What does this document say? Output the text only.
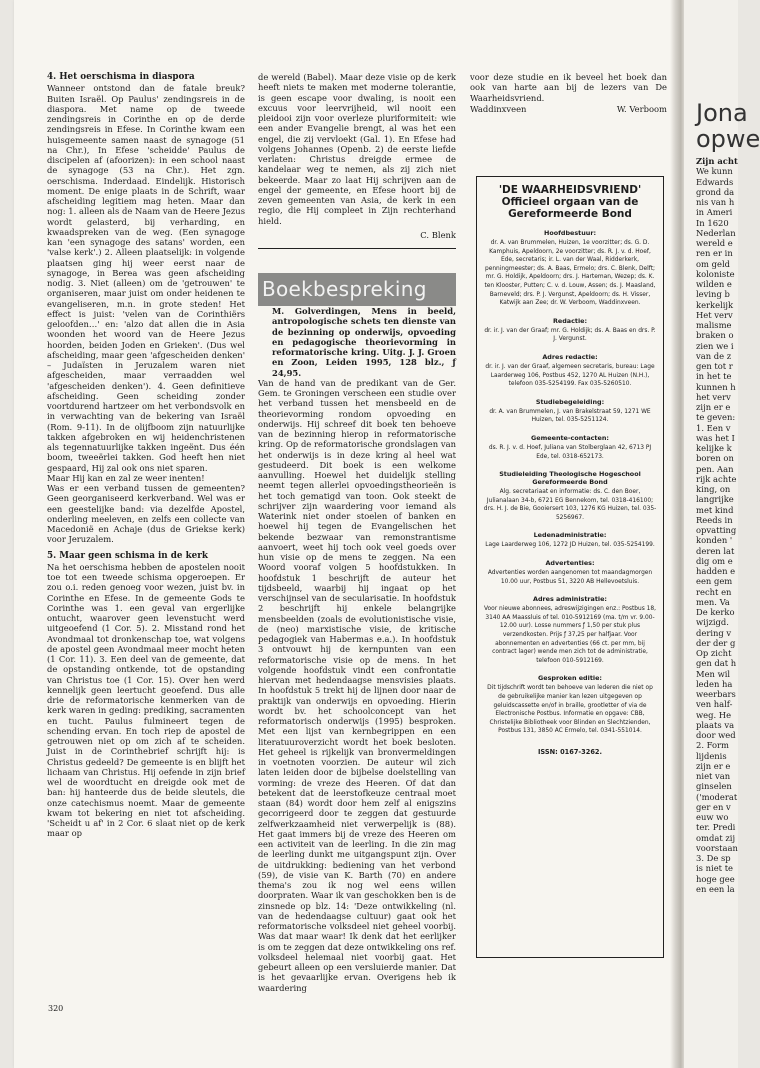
4. Het oerschisma in diaspora

Wanneer ontstond dan de fatale breuk? Buiten Israël. Op Paulus' zendingsreis in de diaspora. Met name op de tweede zendingsreis in Corinthe en op de derde zendingsreis in Efese. In Corinthe kwam een huisgemeente samen naast de synagoge (51 na Chr.), In Efese 'scheidde' Paulus de discipelen af (afoorizen): in een school naast de synagoge (53 na Chr.). Het zgn. oerschisma. Inderdaad. Eindelijk. Historisch moment. De enige plaats in de Schrift, waar afscheiding legitiem mag heten. Maar dan nog: 1. alleen als de Naam van de Heere Jezus wordt gelasterd, bij verharding, en kwaadspreken van de weg. (Een synagoge kan 'een synagoge des satans' worden, een 'valse kerk'.) 2. Alleen plaatselijk: in volgende plaatsen ging hij weer eerst naar de synagoge, in Berea was geen afscheiding nodig. 3. Niet (alleen) om de 'getrouwen' te organiseren, maar juist om onder heidenen te evangeliseren, m.n. in grote steden! Het effect is juist: 'velen van de Corinthiërs geloofden…' en: 'alzo dat allen die in Asia woonden het woord van de Heere Jezus hoorden, beiden Joden en Grieken'. (Dus wel afscheiding, maar geen 'afgescheiden denken' – Judaïsten in Jeruzalem waren niet afgescheiden, maar verraadden wel 'afgescheiden denken'). 4. Geen definitieve afscheiding. Geen scheiding zonder voortdurend hartzeer om het verbondsvolk en in verwachting van de bekering van Israël (Rom. 9-11). In de olijfboom zijn natuurlijke takken afgebroken en wij heidenchristenen als tegennatuurlijke takken ingeënt. Dus één boom, tweeërlei takken. God heeft hen niet gespaard, Hij zal ook ons niet sparen.

Maar Hij kan en zal ze weer inenten!

Was er een verband tussen de gemeenten? Geen georganiseerd kerkverband. Wel was er een geestelijke band: via dezelfde Apostel, onderling meeleven, en zelfs een collecte van Macedonië en Achaje (dus de Griekse kerk) voor Jeruzalem.

5. Maar geen schisma in de kerk

Na het oerschisma hebben de apostelen nooit toe tot een tweede schisma opgeroepen. Er zou o.i. reden genoeg voor wezen, juist bv. in Corinthe en Efese. In de gemeente Gods te Corinthe was 1. een geval van ergerlijke ontucht, waarover geen levenstucht werd uitgeoefend (1 Cor. 5). 2. Misstand rond het Avondmaal tot dronkenschap toe, wat volgens de apostel geen Avondmaal meer mocht heten (1 Cor. 11). 3. Een deel van de gemeente, dat de opstanding ontkende, tot de opstanding van Christus toe (1 Cor. 15). Over hen werd kennelijk geen leertucht geoefend. Dus alle drie de reformatorische kenmerken van de kerk waren in geding: prediking, sacramenten en tucht. Paulus fulmineert tegen de schending ervan. En toch riep de apostel de getrouwen niet op om zich af te scheiden. Juist in de Corinthebrief schrijft hij: is Christus gedeeld? De gemeente is en blijft het lichaam van Christus. Hij oefende in zijn brief wel de woordtucht en dreigde ook met de ban: hij hanteerde dus de beide sleutels, die onze catechismus noemt. Maar de gemeente kwam tot bekering en niet tot afscheiding. 'Scheidt u af' in 2 Cor. 6 slaat niet op de kerk maar op

de wereld (Babel). Maar deze visie op de kerk heeft niets te maken met moderne tolerantie, is geen escape voor dwaling, is nooit een excuus voor leervrijheid, wil nooit een pleidooi zijn voor overleze pluriformiteit: wie een ander Evangelie brengt, al was het een engel, die zij vervloekt (Gal. 1). En Efese had volgens Johannes (Openb. 2) de eerste liefde verlaten: Christus dreigde ermee de kandelaar weg te nemen, als zij zich niet bekeerde. Maar zo laat Hij schrijven aan de engel der gemeente, en Efese hoort bij de zeven gemeenten van Asia, de kerk in een regio, die Hij compleet in Zijn rechterhand hield.

C. Blenk
Boekbespreking

M. Golverdingen, Mens in beeld, antropologische schets ten dienste van de bezinning op onderwijs, opvoeding en pedagogische theorievorming in reformatorische kring. Uitg. J. J. Groen en Zoon, Leiden 1995, 128 blz., ƒ 24,95.

Van de hand van de predikant van de Ger. Gem. te Groningen verscheen een studie over het verband tussen het mensbeeld en de theorievorming rondom opvoeding en onderwijs. Hij schreef dit boek ten behoeve van de bezinning hierop in reformatorische kring. Op de reformatorische grondslagen van het onderwijs is in deze kring al heel wat gestudeerd. Dit boek is een welkome aanvulling. Hoewel het duidelijk stelling neemt tegen allerlei opvoedingstheorieën is het toch gematigd van toon. Ook steekt de schrijver zijn waardering voor iemand als Waterink niet onder stoelen of banken en hoewel hij tegen de Evangelischen het bekende bezwaar van remonstrantisme aanvoert, weet hij toch ook veel goeds over hun visie op de mens te zeggen. Na een Woord vooraf volgen 5 hoofdstukken. In hoofdstuk 1 beschrijft de auteur het tijdsbeeld, waarbij hij ingaat op het verschijnsel van de secularisatie. In hoofdstuk 2 beschrijft hij enkele belangrijke mensbeelden (zoals de evolutionistische visie, de (neo) marxistische visie, de kritische pedagogiek van Habermas e.a.). In hoofdstuk 3 ontvouwt hij de kernpunten van een reformatorische visie op de mens. In het volgende hoofdstuk vindt een confrontatie hiervan met hedendaagse mensvisies plaats. In hoofdstuk 5 trekt hij de lijnen door naar de praktijk van onderwijs en opvoeding. Hierin wordt bv. het schoolconcept van het reformatorisch onderwijs (1995) besproken. Met een lijst van kernbegrippen en een literatuuroverzicht wordt het boek besloten. Het geheel is rijkelijk van bronvermeldingen in voetnoten voorzien. De auteur wil zich laten leiden door de bijbelse doelstelling van vorming: de vreze des Heeren. Of dat dan betekent dat de leerstofkeuze centraal moet staan (84) wordt door hem zelf al enigszins gecorrigeerd door te zeggen dat gestuurde zelfwerkzaamheid niet verwerpelijk is (88). Het gaat immers bij de vreze des Heeren om een activiteit van de leerling. In die zin mag de leerling dunkt me uitgangspunt zijn. Over de uitdrukking: bediening van het verbond (59), de visie van K. Barth (70) en andere thema's zou ik nog wel eens willen doorpraten. Waar ik van geschokken ben is de zinsnede op blz. 14: 'Deze ontwikkeling (nl. van de hedendaagse cultuur) gaat ook het reformatorische volksdeel niet geheel voorbij. Was dat maar waar! Ik denk dat het eerlijker is om te zeggen dat deze ontwikkeling ons ref. volksdeel helemaal niet voorbij gaat. Het gebeurt alleen op een versluierde manier. Dat is het gevaarlijke ervan. Overigens heb ik waardering

voor deze studie en ik beveel het boek dan ook van harte aan bij de lezers van De Waarheidsvriend.

Waddinxveen	W. Verboom
'DE WAARHEIDSVRIEND'
Officieel orgaan van de Gereformeerde Bond
Hoofdbestuur:
dr. A. van Brummelen, Huizen, 1e voorzitter; ds. G. D. Kamphuis, Apeldoorn, 2e voorzitter; ds. R. J. v. d. Hoef, Ede, secretaris; ir. L. van der Waal, Ridderkerk, penningmeester; ds. A. Baas, Ermelo; drs. C. Blenk, Delft; mr. G. Holdijk, Apeldoorn; drs. J. Harteman, Wezep; ds. K. ten Klooster, Putten; C. v. d. Louw, Assen; ds. J. Maasland, Barneveld; drs. P. J. Vergunst, Apeldoorn; ds. H. Visser, Katwijk aan Zee; dr. W. Verboom, Waddinxveen.
Redactie:
dr. ir. J. van der Graaf; mr. G. Holdijk; ds. A. Baas en drs. P. J. Vergunst.
Adres redactie:
dr. ir. J. van der Graaf, algemeen secretaris, bureau: Lage Laarderweg 106, Postbus 452, 1270 AL Huizen (N.H.), telefoon 035-5254199. Fax 035-5260510.
Studiebegeleiding:
dr. A. van Brummelen, J. van Brakelstraat 59, 1271 WE Huizen, tel. 035-5251124.
Gemeente-contacten:
ds. R. J. v. d. Hoef, Juliana van Stolberglaan 42, 6713 PJ Ede, tel. 0318-652173.
Studieleiding Theologische Hogeschool Gereformeerde Bond
Alg. secretariaat en informatie: ds. C. den Boer, Julianalaan 34-b, 6721 EG Bennekom, tel. 0318-416100; drs. H. J. de Bie, Gooiersert 103, 1276 KG Huizen, tel. 035-5256967.
Ledenadministratie:
Lage Laarderweg 106, 1272 JD Huizen, tel. 035-5254199.
Advertenties:
Advertenties worden aangenomen tot maandagmorgen 10.00 uur, Postbus 51, 3220 AB Hellevoetsluis.
Adres administratie:
Voor nieuwe abonnees, adreswijzigingen enz.: Postbus 18, 3140 AA Maassluis of tel. 010-5912169 (ma. t/m vr. 9.00-12.00 uur). Losse nummers ƒ 1,50 per stuk plus verzendkosten. Prijs ƒ 37,25 per halfjaar. Voor abonnementen en advertenties (66 ct. per mm, bij contract lager) wende men zich tot de administratie, telefoon 010-5912169.
Gesproken editie:
Dit tijdschrift wordt ten behoeve van lederen die niet op de gebruikelijke manier kan lezen uitgegeven op geluidscassette en/of in braille, grootletter of via de Electronische Postbus. Informatie en opgave: CBB, Christelijke Bibliotheek voor Blinden en Slechtzienden, Postbus 131, 3850 AC Ermelo, tel. 0341-551014.
ISSN: 0167-3262.
320
Jona
opwe
Zijn acht
We kunn
Edwards
grond da
nis van h
in Ameri
In 1620
Nederlan
wereld e
ren er in
om geld
koloniste
wilden e
leving b
kerkelijk
Het verv
malisme
braken o
zien we i
van de z
gen tot r
in het te
kunnen h
het verv
zijn er e
te geven:
1. Een v
was het I
kelijke k
boren on
pen. Aan
rijk achte
king, on
langrijke
met kind
Reeds in
opvatting
konden '
deren lat
dig om e
hadden e
een gem
recht en
men. Va
De kerko
wijzigd.
dering v
der der g
Op zicht
gen dat h
Men wil
leden ha
weerbars
ven half-
weg. He
plaats va
door wed
2. Form
lijdenis
zijn er e
niet van
ginselen
('moderat
ger en v
euw wo
ter. Predi
omdat zij
voorstaan
3. De sp
is niet te
hoge gee
en een la
